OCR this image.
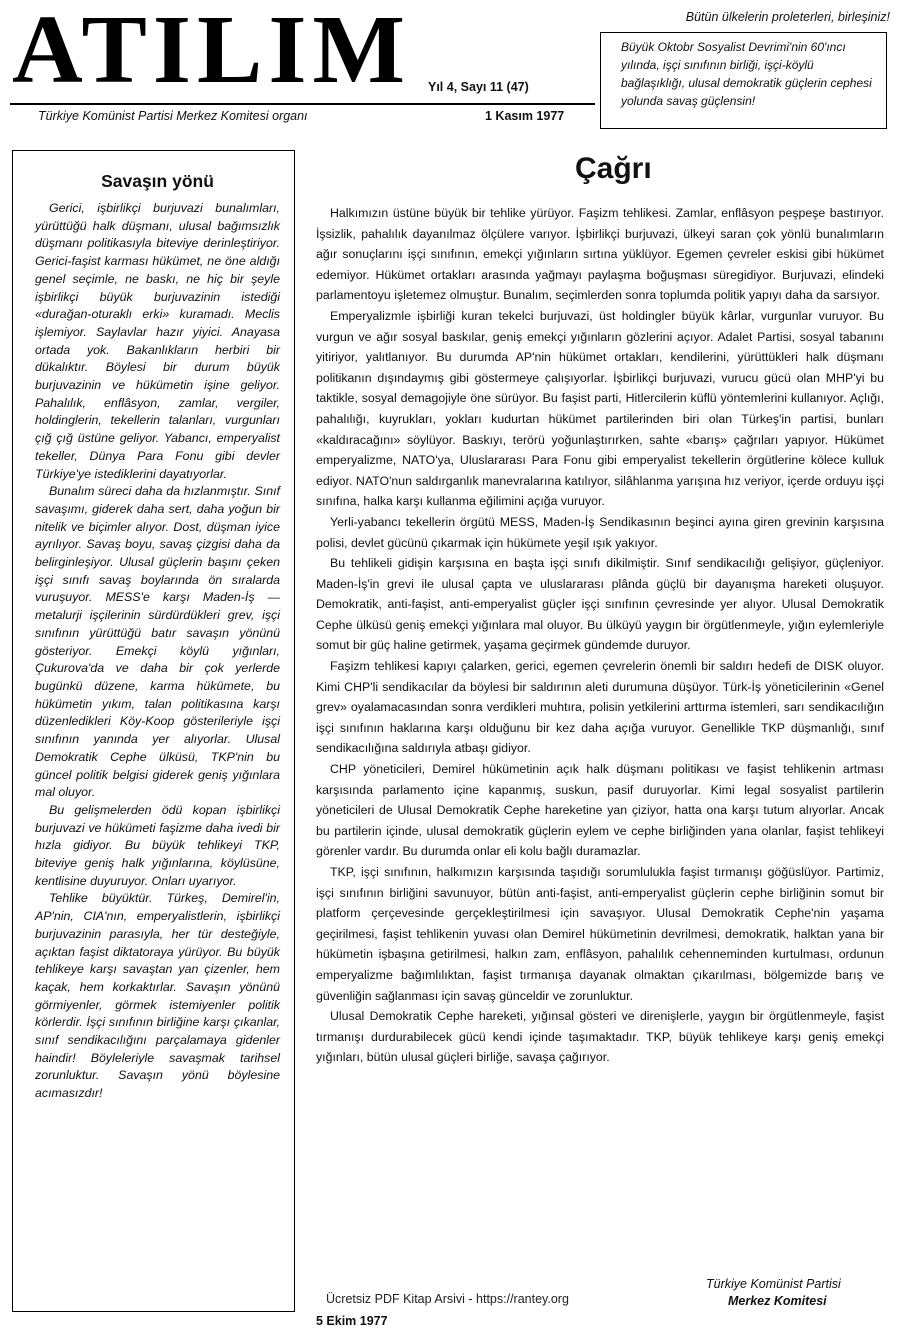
ATILIM Yıl 4, Sayı 11 (47)
Bütün ülkelerin proleterleri, birleşiniz!
Büyük Oktobr Sosyalist Devrimi'nin 60'ıncı yılında, işçi sınıfının birliği, işçi-köylü bağlaşıklığı, ulusal demokratik güçlerin cephesi yolunda savaş güçlensin!
Türkiye Komünist Partisi Merkez Komitesi organı	1 Kasım 1977
Savaşın yönü

Gerici, işbirlikçi burjuvazi bunalımları, yürüttüğü halk düşmanı, ulusal bağımsızlık düşmanı politikasıyla biteviye derinleştiriyor. Gerici-faşist karması hükümet, ne öne aldığı genel seçimle, ne baskı, ne hiç bir şeyle işbirlikçi büyük burjuvazinin istediği «durağan-oturaklı erki» kuramadı. Meclis işlemiyor. Saylavlar hazır yiyici. Anayasa ortada yok. Bakanlıkların herbiri bir dükalıktır. Böylesi bir durum büyük burjuvazinin ve hükümetin işine geliyor. Pahalılık, enflâsyon, zamlar, vergiler, holdinglerin, tekellerin talanları, vurgunları çığ çığ üstüne geliyor. Yabancı, emperyalist tekeller, Dünya Para Fonu gibi devler Türkiye'ye istediklerini dayatıyorlar.

Bunalım süreci daha da hızlanmıştır. Sınıf savaşımı, giderek daha sert, daha yoğun bir nitelik ve biçimler alıyor. Dost, düşman iyice ayrılıyor. Savaş boyu, savaş çizgisi daha da belirginleşiyor. Ulusal güçlerin başını çeken işçi sınıfı savaş boylarında ön sıralarda vuruşuyor. MESS'e karşı Maden-İş — metalurji işçilerinin sürdürdükleri grev, işçi sınıfının yürüttüğü batır savaşın yönünü gösteriyor. Emekçi köylü yığınları, Çukurova'da ve daha bir çok yerlerde bugünkü düzene, karma hükümete, bu hükümetin yıkım, talan politikasına karşı düzenledikleri Köy-Koop gösterileriyle işçi sınıfının yanında yer alıyorlar. Ulusal Demokratik Cephe ülküsü, TKP'nin bu güncel politik belgisi giderek geniş yığınlara mal oluyor.

Bu gelişmelerden ödü kopan işbirlikçi burjuvazi ve hükümeti faşizme daha ivedi bir hızla gidiyor. Bu büyük tehlikeyi TKP, biteviye geniş halk yığınlarına, köylüsüne, kentlisine duyuruyor. Onları uyarıyor.

Tehlike büyüktür. Türkeş, Demirel'in, AP'nin, CIA'nın, emperyalistlerin, işbirlikçi burjuvazinin parasıyla, her tür desteğiyle, açıktan faşist diktatoraya yürüyor. Bu büyük tehlikeye karşı savaştan yan çizenler, hem kaçak, hem korkaktırlar. Savaşın yönünü görmiyenler, görmek istemiyenler politik körlerdir. İşçi sınıfının birliğine karşı çıkanlar, sınıf sendikacılığını parçalamaya gidenler haindir! Böyleleriyle savaşmak tarihsel zorunluktur. Savaşın yönü böylesine acımasızdır!

Çağrı

Halkımızın üstüne büyük bir tehlike yürüyor. Faşizm tehlikesi. Zamlar, enflâsyon peşpeşe bastırıyor. İşsizlik, pahalılık dayanılmaz ölçülere varıyor. İşbirlikçi burjuvazi, ülkeyi saran çok yönlü bunalımların ağır sonuçlarını işçi sınıfının, emekçi yığınların sırtına yüklüyor. Egemen çevreler eskisi gibi hükümet edemiyor. Hükümet ortakları arasında yağmayı paylaşma boğuşması süregidiyor. Burjuvazi, elindeki parlamentoyu işletemez olmuştur. Bunalım, seçimlerden sonra toplumda politik yapıyı daha da sarsıyor.

Emperyalizmle işbirliği kuran tekelci burjuvazi, üst holdingler büyük kârlar, vurgunlar vuruyor. Bu vurgun ve ağır sosyal baskılar, geniş emekçi yığınların gözlerini açıyor. Adalet Partisi, sosyal tabanını yitiriyor, yalıtlanıyor. Bu durumda AP'nin hükümet ortakları, kendilerini, yürüttükleri halk düşmanı politikanın dışındaymış gibi göstermeye çalışıyorlar. İşbirlikçi burjuvazi, vurucu gücü olan MHP'yi bu taktikle, sosyal demagojiyle öne sürüyor. Bu faşist parti, Hitlercilerin küflü yöntemlerini kullanıyor. Açlığı, pahalılığı, kuyrukları, yokları kudurtan hükümet partilerinden biri olan Türkeş'in partisi, bunları «kaldıracağını» söylüyor. Baskıyı, terörü yoğunlaştırırken, sahte «barış» çağrıları yapıyor. Hükümet emperyalizme, NATO'ya, Uluslararası Para Fonu gibi emperyalist tekellerin örgütlerine kölece kulluk ediyor. NATO'nun saldırganlık manevralarına katılıyor, silâhlanma yarışına hız veriyor, içerde orduyu işçi sınıfına, halka karşı kullanma eğilimini açığa vuruyor.

Yerli-yabancı tekellerin örgütü MESS, Maden-İş Sendikasının beşinci ayına giren grevinin karşısına polisi, devlet gücünü çıkarmak için hükümete yeşil ışık yakıyor.

Bu tehlikeli gidişin karşısına en başta işçi sınıfı dikilmiştir. Sınıf sendikacılığı gelişiyor, güçleniyor. Maden-İş'in grevi ile ulusal çapta ve uluslararası plânda güçlü bir dayanışma hareketi oluşuyor. Demokratik, anti-faşist, anti-emperyalist güçler işçi sınıfının çevresinde yer alıyor. Ulusal Demokratik Cephe ülküsü geniş emekçi yığınlara mal oluyor. Bu ülküyü yaygın bir örgütlenmeyle, yığın eylemleriyle somut bir güç haline getirmek, yaşama geçirmek gündemde duruyor.

Faşizm tehlikesi kapıyı çalarken, gerici, egemen çevrelerin önemli bir saldırı hedefi de DISK oluyor. Kimi CHP'li sendikacılar da böylesi bir saldırının aleti durumuna düşüyor. Türk-İş yöneticilerinin «Genel grev» oyalamacasından sonra verdikleri muhtıra, polisin yetkilerini arttırma istemleri, sarı sendikacılığın işçi sınıfının haklarına karşı olduğunu bir kez daha açığa vuruyor. Genellikle TKP düşmanlığı, sınıf sendikacılığına saldırıyla atbaşı gidiyor.

CHP yöneticileri, Demirel hükümetinin açık halk düşmanı politikası ve faşist tehlikenin artması karşısında parlamento içine kapanmış, suskun, pasif duruyorlar. Kimi legal sosyalist partilerin yöneticileri de Ulusal Demokratik Cephe hareketine yan çiziyor, hatta ona karşı tutum alıyorlar. Ancak bu partilerin içinde, ulusal demokratik güçlerin eylem ve cephe birliğinden yana olanlar, faşist tehlikeyi görenler vardır. Bu durumda onlar eli kolu bağlı duramazlar.

TKP, işçi sınıfının, halkımızın karşısında taşıdığı sorumlulukla faşist tırmanışı göğüslüyor. Partimiz, işçi sınıfının birliğini savunuyor, bütün anti-faşist, anti-emperyalist güçlerin cephe birliğinin somut bir platform çerçevesinde gerçekleştirilmesi için savaşıyor. Ulusal Demokratik Cephe'nin yaşama geçirilmesi, faşist tehlikenin yuvası olan Demirel hükümetinin devrilmesi, demokratik, halktan yana bir hükümetin işbaşına getirilmesi, halkın zam, enflâsyon, pahalılık cehenneminden kurtulması, ordunun emperyalizme bağımlılıktan, faşist tırmanışa dayanak olmaktan çıkarılması, bölgemizde barış ve güvenliğin sağlanması için savaş günceldir ve zorunluktur.

Ulusal Demokratik Cephe hareketi, yığınsal gösteri ve direnişlerle, yaygın bir örgütlenmeyle, faşist tırmanışı durdurabilecek gücü kendi içinde taşımaktadır. TKP, büyük tehlikeye karşı geniş emekçi yığınları, bütün ulusal güçleri birliğe, savaşa çağırıyor.

Türkiye Komünist Partisi
Merkez Komitesi
Ücretsiz PDF Kitap Arsivi - https://rantey.org
5 Ekim 1977
